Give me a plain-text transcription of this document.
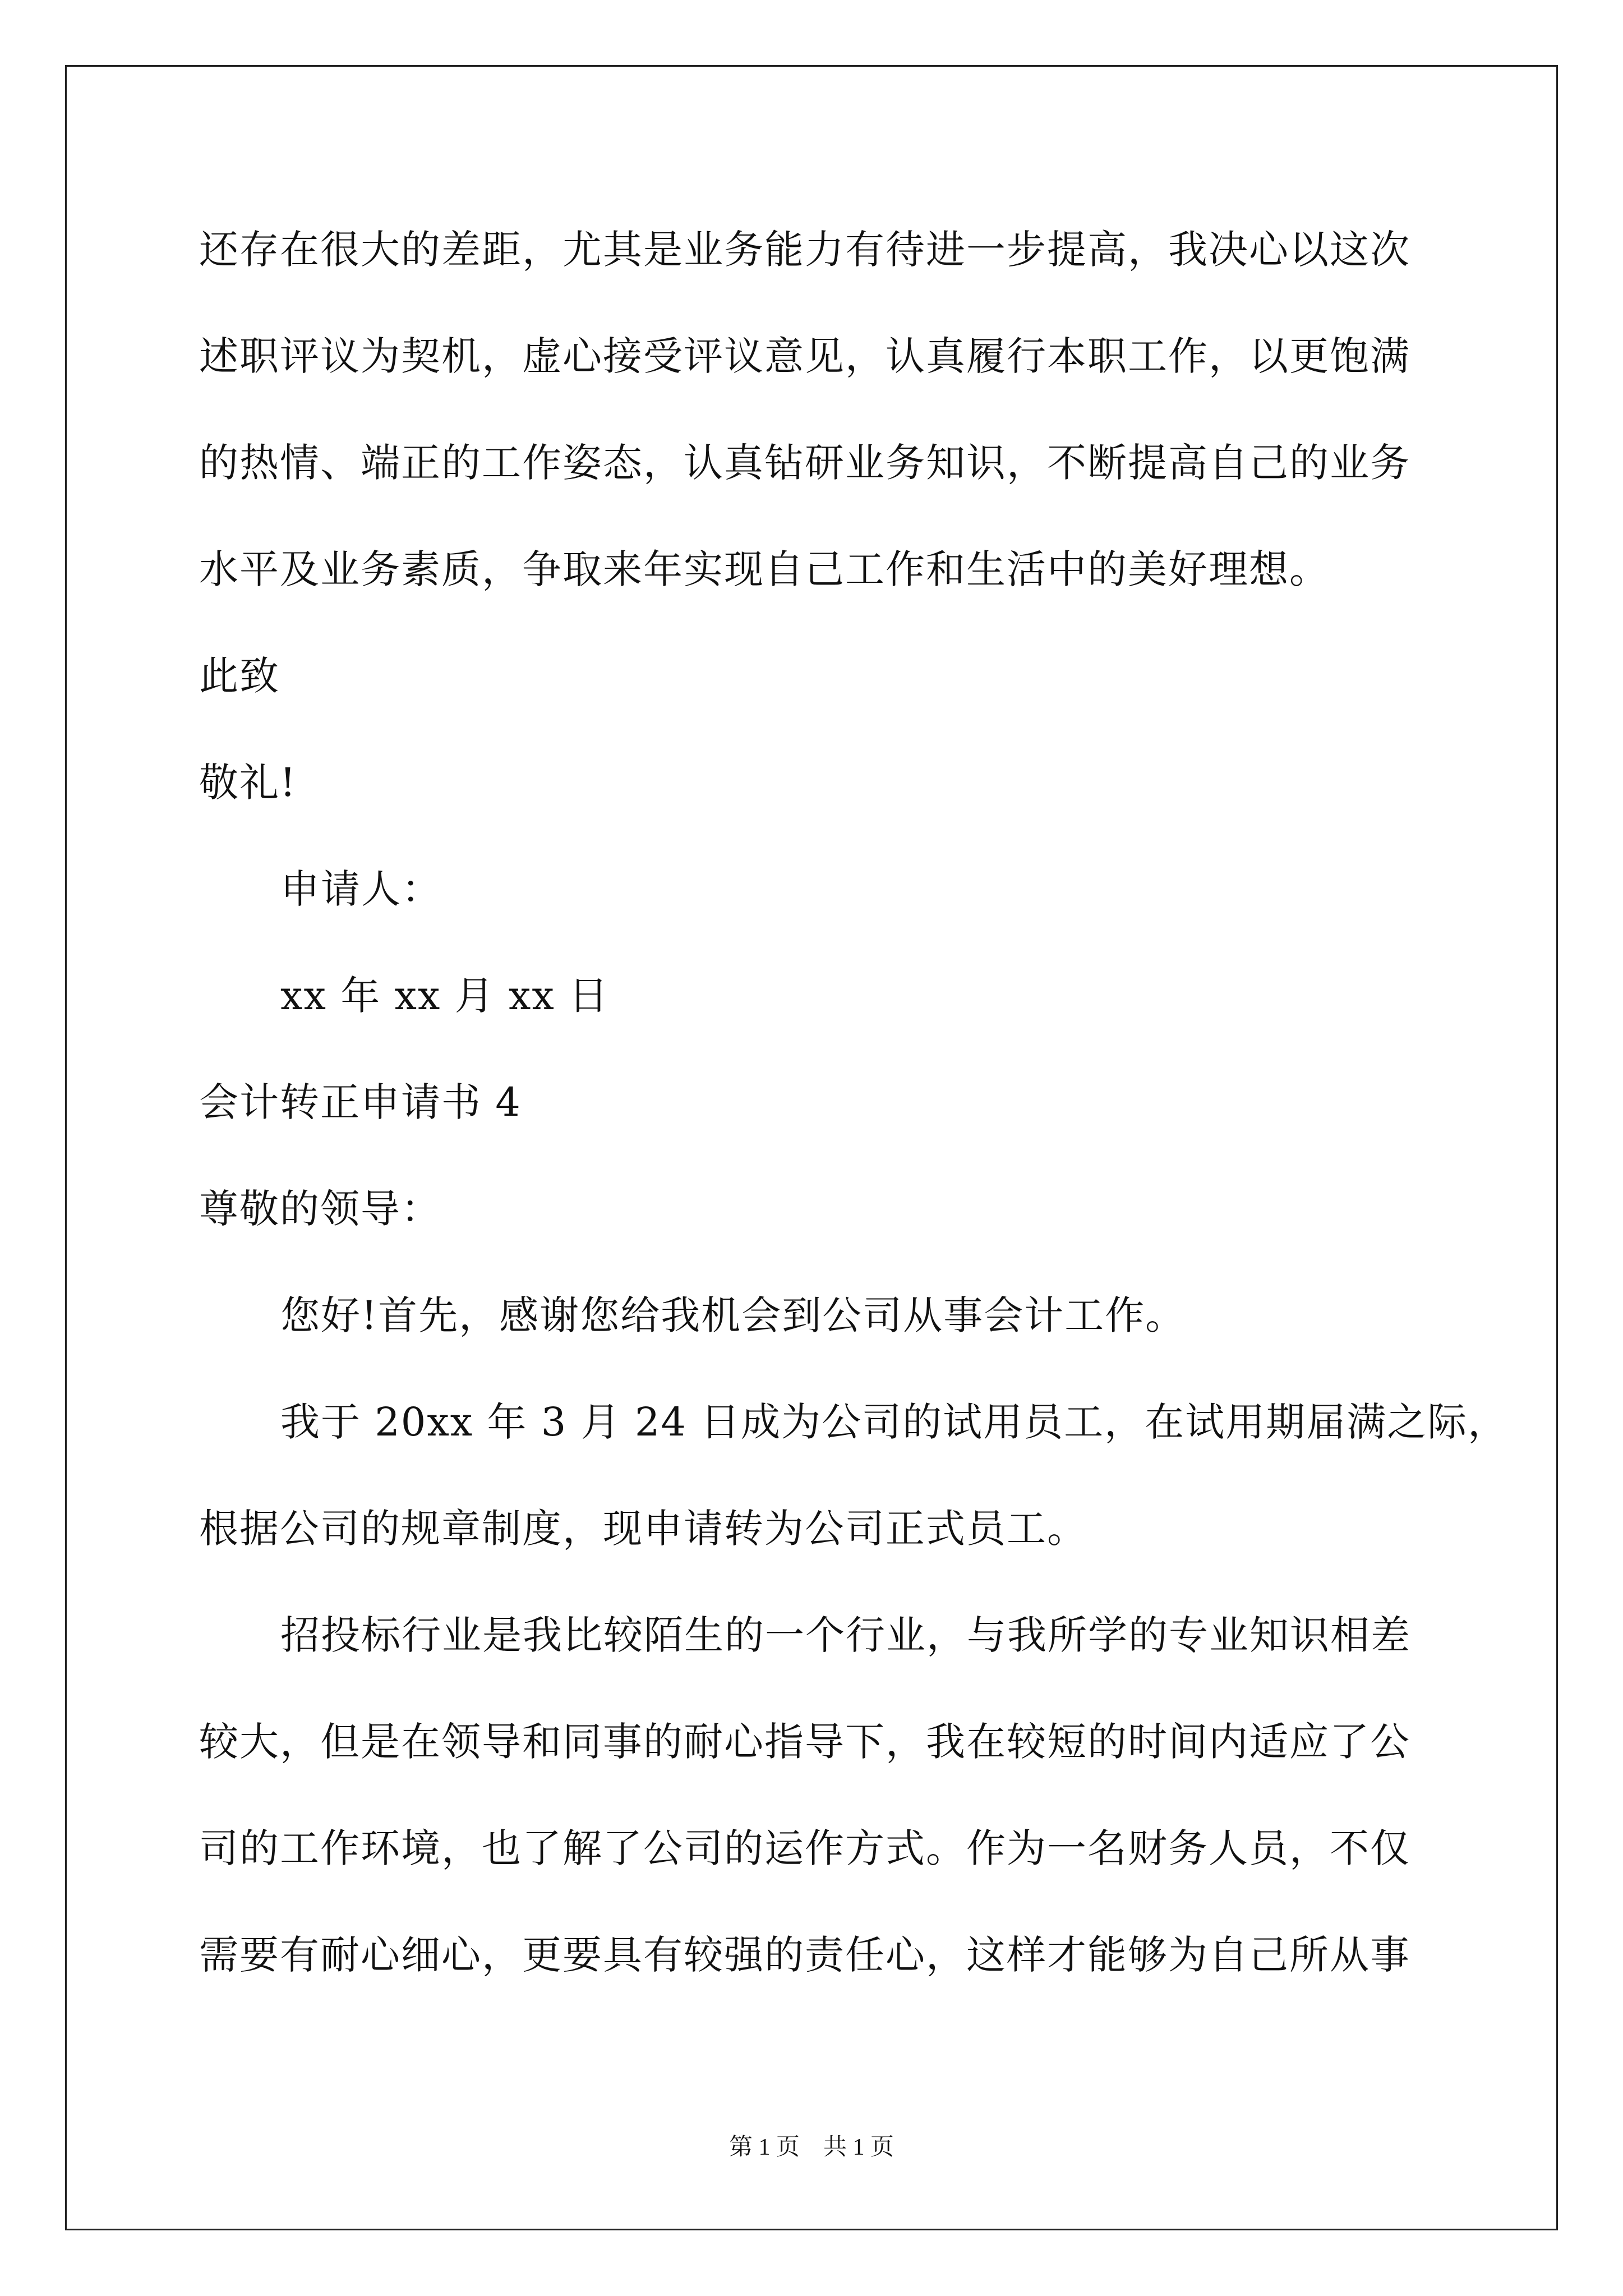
还存在很大的差距，尤其是业务能力有待进一步提高，我决心以这次
述职评议为契机，虚心接受评议意见，认真履行本职工作，以更饱满
的热情、端正的工作姿态，认真钻研业务知识，不断提高自己的业务
水平及业务素质，争取来年实现自己工作和生活中的美好理想。
此致
敬礼!
申请人：
xx 年 xx 月 xx 日
会计转正申请书 4
尊敬的领导：
您好!首先，感谢您给我机会到公司从事会计工作。
我于 20xx 年 3 月 24 日成为公司的试用员工，在试用期届满之际，
根据公司的规章制度，现申请转为公司正式员工。
招投标行业是我比较陌生的一个行业，与我所学的专业知识相差
较大，但是在领导和同事的耐心指导下，我在较短的时间内适应了公
司的工作环境，也了解了公司的运作方式。作为一名财务人员，不仅
需要有耐心细心，更要具有较强的责任心，这样才能够为自己所从事
第 1 页　共 1 页
